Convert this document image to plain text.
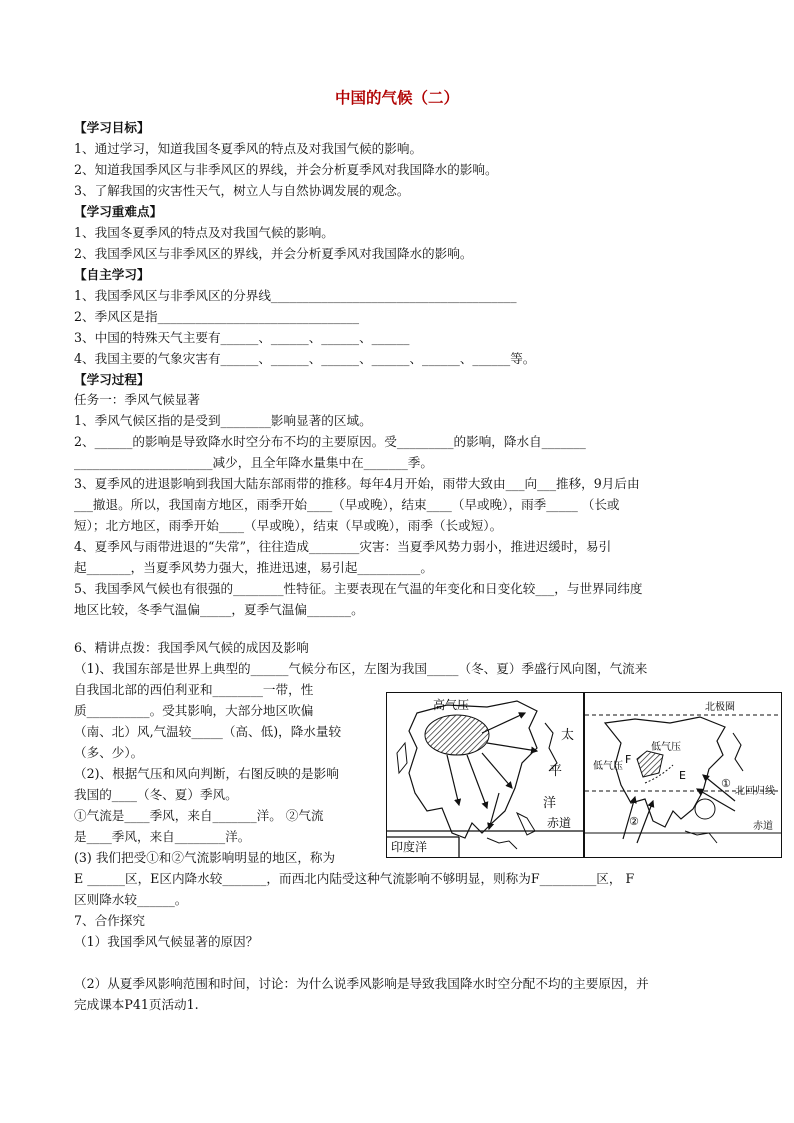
中国的气候（二）
【学习目标】
1、通过学习，知道我国冬夏季风的特点及对我国气候的影响。
2、知道我国季风区与非季风区的界线，并会分析夏季风对我国降水的影响。
3、了解我国的灾害性天气，树立人与自然协调发展的观念。
【学习重难点】
1、我国冬夏季风的特点及对我国气候的影响。
2、我国季风区与非季风区的界线，并会分析夏季风对我国降水的影响。
【自主学习】
1、我国季风区与非季风区的分界线_______________________________________
2、季风区是指________________________________
3、中国的特殊天气主要有______、______、______、______
4、我国主要的气象灾害有______、______、______、______、______、______等。
【学习过程】
任务一：季风气候显著
1、季风气候区指的是受到________影响显著的区域。
2、______的影响是导致降水时空分布不均的主要原因。受_________的影响，降水自_______
______________________减少，且全年降水量集中在_______季。
3、夏季风的进退影响到我国大陆东部雨带的推移。每年4月开始，雨带大致由___向___推移，9月后由
___撤退。所以，我国南方地区，雨季开始____（早或晚），结束____（早或晚），雨季_____ （长或
短）；北方地区，雨季开始____（早或晚），结束（早或晚），雨季（长或短）。
4、夏季风与雨带进退的“失常”，往往造成________灾害：当夏季风势力弱小，推进迟缓时，易引
起_______，当夏季风势力强大，推进迅速，易引起__________。
5、我国季风气候也有很强的________性特征。主要表现在气温的年变化和日变化较___，与世界同纬度
地区比较，冬季气温偏_____，夏季气温偏_______。
6、精讲点拨：我国季风气候的成因及影响
（1)、我国东部是世界上典型的______气候分布区，左图为我国_____（冬、夏）季盛行风向图，气流来
自我国北部的西伯利亚和________一带，性
质__________。受其影响，大部分地区吹偏
（南、北）风,气温较_____（高、低)，降水量较
（多、少）。
（2)、根据气压和风向判断，右图反映的是影响
我国的____（冬、夏）季风。
①气流是____季风，来自_______洋。 ②气流
是____季风，来自________洋。
(3) 我们把受①和②气流影响明显的地区，称为
E ______区，E区内降水较_______，而西北内陆受这种气流影响不够明显，则称为F_________区， F
区则降水较______。
7、合作探究
（1）我国季风气候显著的原因？
（2）从夏季风影响范围和时间，讨论：为什么说季风影响是导致我国降水时空分配不均的主要原因，并
完成课本P41页活动1.
高气压
太
平
洋
赤道
印度洋
北极圈
低气压
低气压
E
F
①
北回归线
②	赤道
